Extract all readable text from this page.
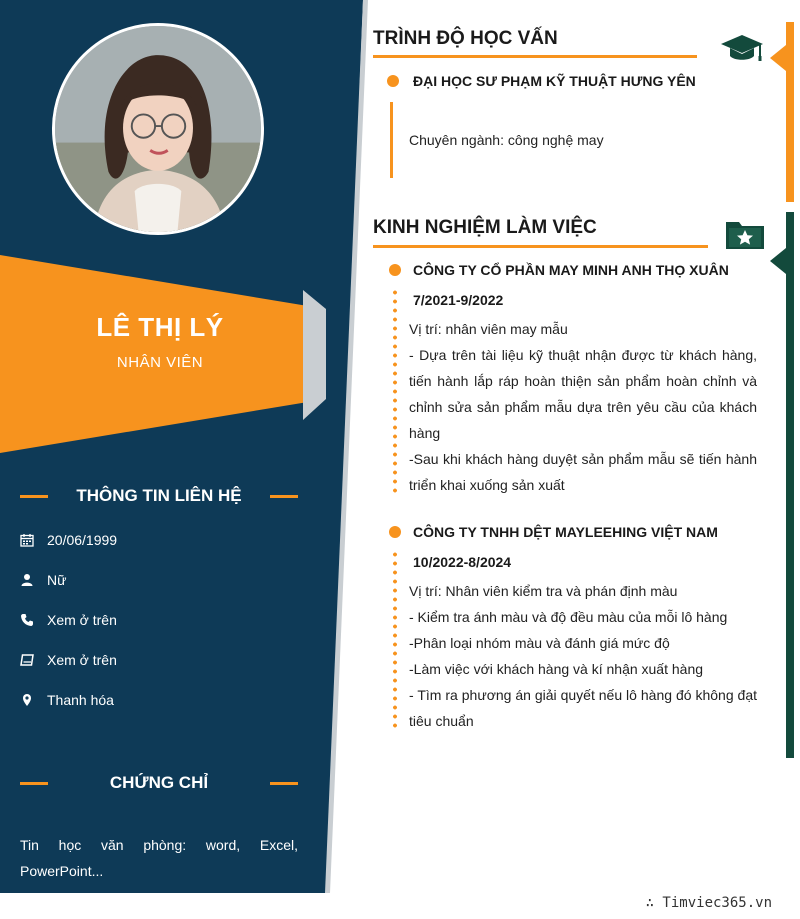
LÊ THỊ LÝ
NHÂN VIÊN
THÔNG TIN LIÊN HỆ
20/06/1999
Nữ
Xem ở trên
Xem ở trên
Thanh hóa
CHỨNG CHỈ
Tin học văn phòng: word, Excel, PowerPoint...
TRÌNH ĐỘ HỌC VẤN
ĐẠI HỌC SƯ PHẠM KỸ THUẬT HƯNG YÊN
Chuyên ngành: công nghệ may
KINH NGHIỆM LÀM VIỆC
CÔNG TY CỔ PHẦN MAY MINH ANH THỌ XUÂN
7/2021-9/2022
Vị trí: nhân viên may mẫu
- Dựa trên tài liệu kỹ thuật nhận được từ khách hàng, tiến hành lắp ráp hoàn thiện sản phẩm hoàn chỉnh và chỉnh sửa sản phẩm mẫu dựa trên yêu cầu của khách hàng
-Sau khi khách hàng duyệt sản phẩm mẫu sẽ tiến hành triển khai xuống sản xuất
CÔNG TY TNHH DỆT MAYLEEHING VIỆT NAM
10/2022-8/2024
Vị trí: Nhân viên kiểm tra và phán định màu
- Kiểm tra ánh màu và độ đều màu của mỗi lô hàng
-Phân loại nhóm màu và đánh giá mức độ
-Làm việc với khách hàng và kí nhận xuất hàng
- Tìm ra phương án giải quyết nếu lô hàng đó không đạt tiêu chuẩn
∴ Timviec365.vn
